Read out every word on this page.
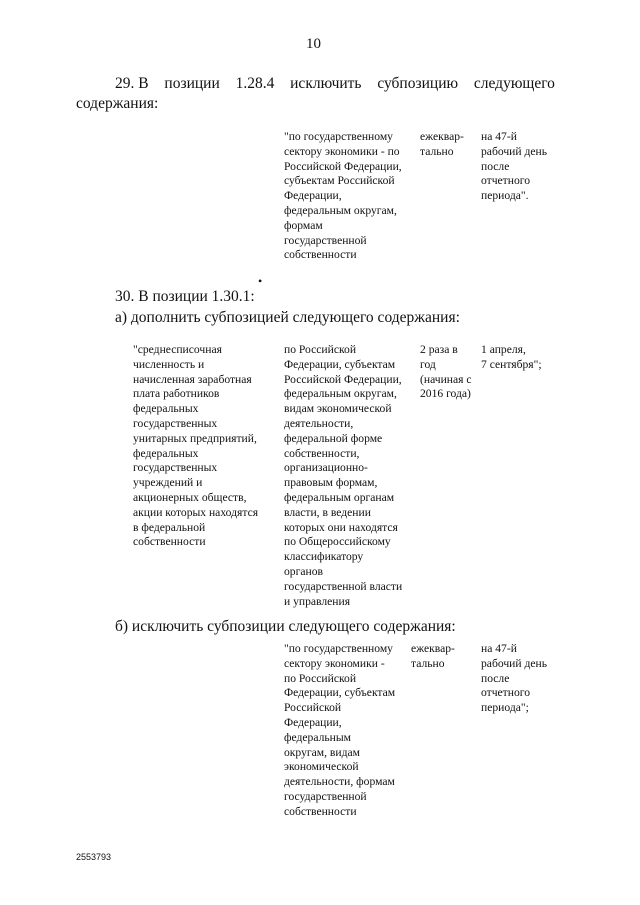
10
29. В позиции 1.28.4 исключить субпозицию следующего
содержания:
"по государственному
сектору экономики - по
Российской Федерации,
субъектам Российской
Федерации,
федеральным округам,
формам
государственной
собственности
ежеквар-
тально
на 47-й
рабочий день
после
отчетного
периода".
•
30. В позиции 1.30.1:
а) дополнить субпозицией следующего содержания:
"среднесписочная
численность и
начисленная заработная
плата работников
федеральных
государственных
унитарных предприятий,
федеральных
государственных
учреждений и
акционерных обществ,
акции которых находятся
в федеральной
собственности
по Российской
Федерации, субъектам
Российской Федерации,
федеральным округам,
видам экономической
деятельности,
федеральной форме
собственности,
организационно-
правовым формам,
федеральным органам
власти, в ведении
которых они находятся
по Общероссийскому
классификатору
органов
государственной власти
и управления
2 раза в
год
(начиная с
2016 года)
1 апреля,
7 сентября";
б) исключить субпозиции следующего содержания:
"по государственному
сектору экономики -
по Российской
Федерации, субъектам
Российской
Федерации,
федеральным
округам, видам
экономической
деятельности, формам
государственной
собственности
ежеквар-
тально
на 47-й
рабочий день
после
отчетного
периода";
2553793
